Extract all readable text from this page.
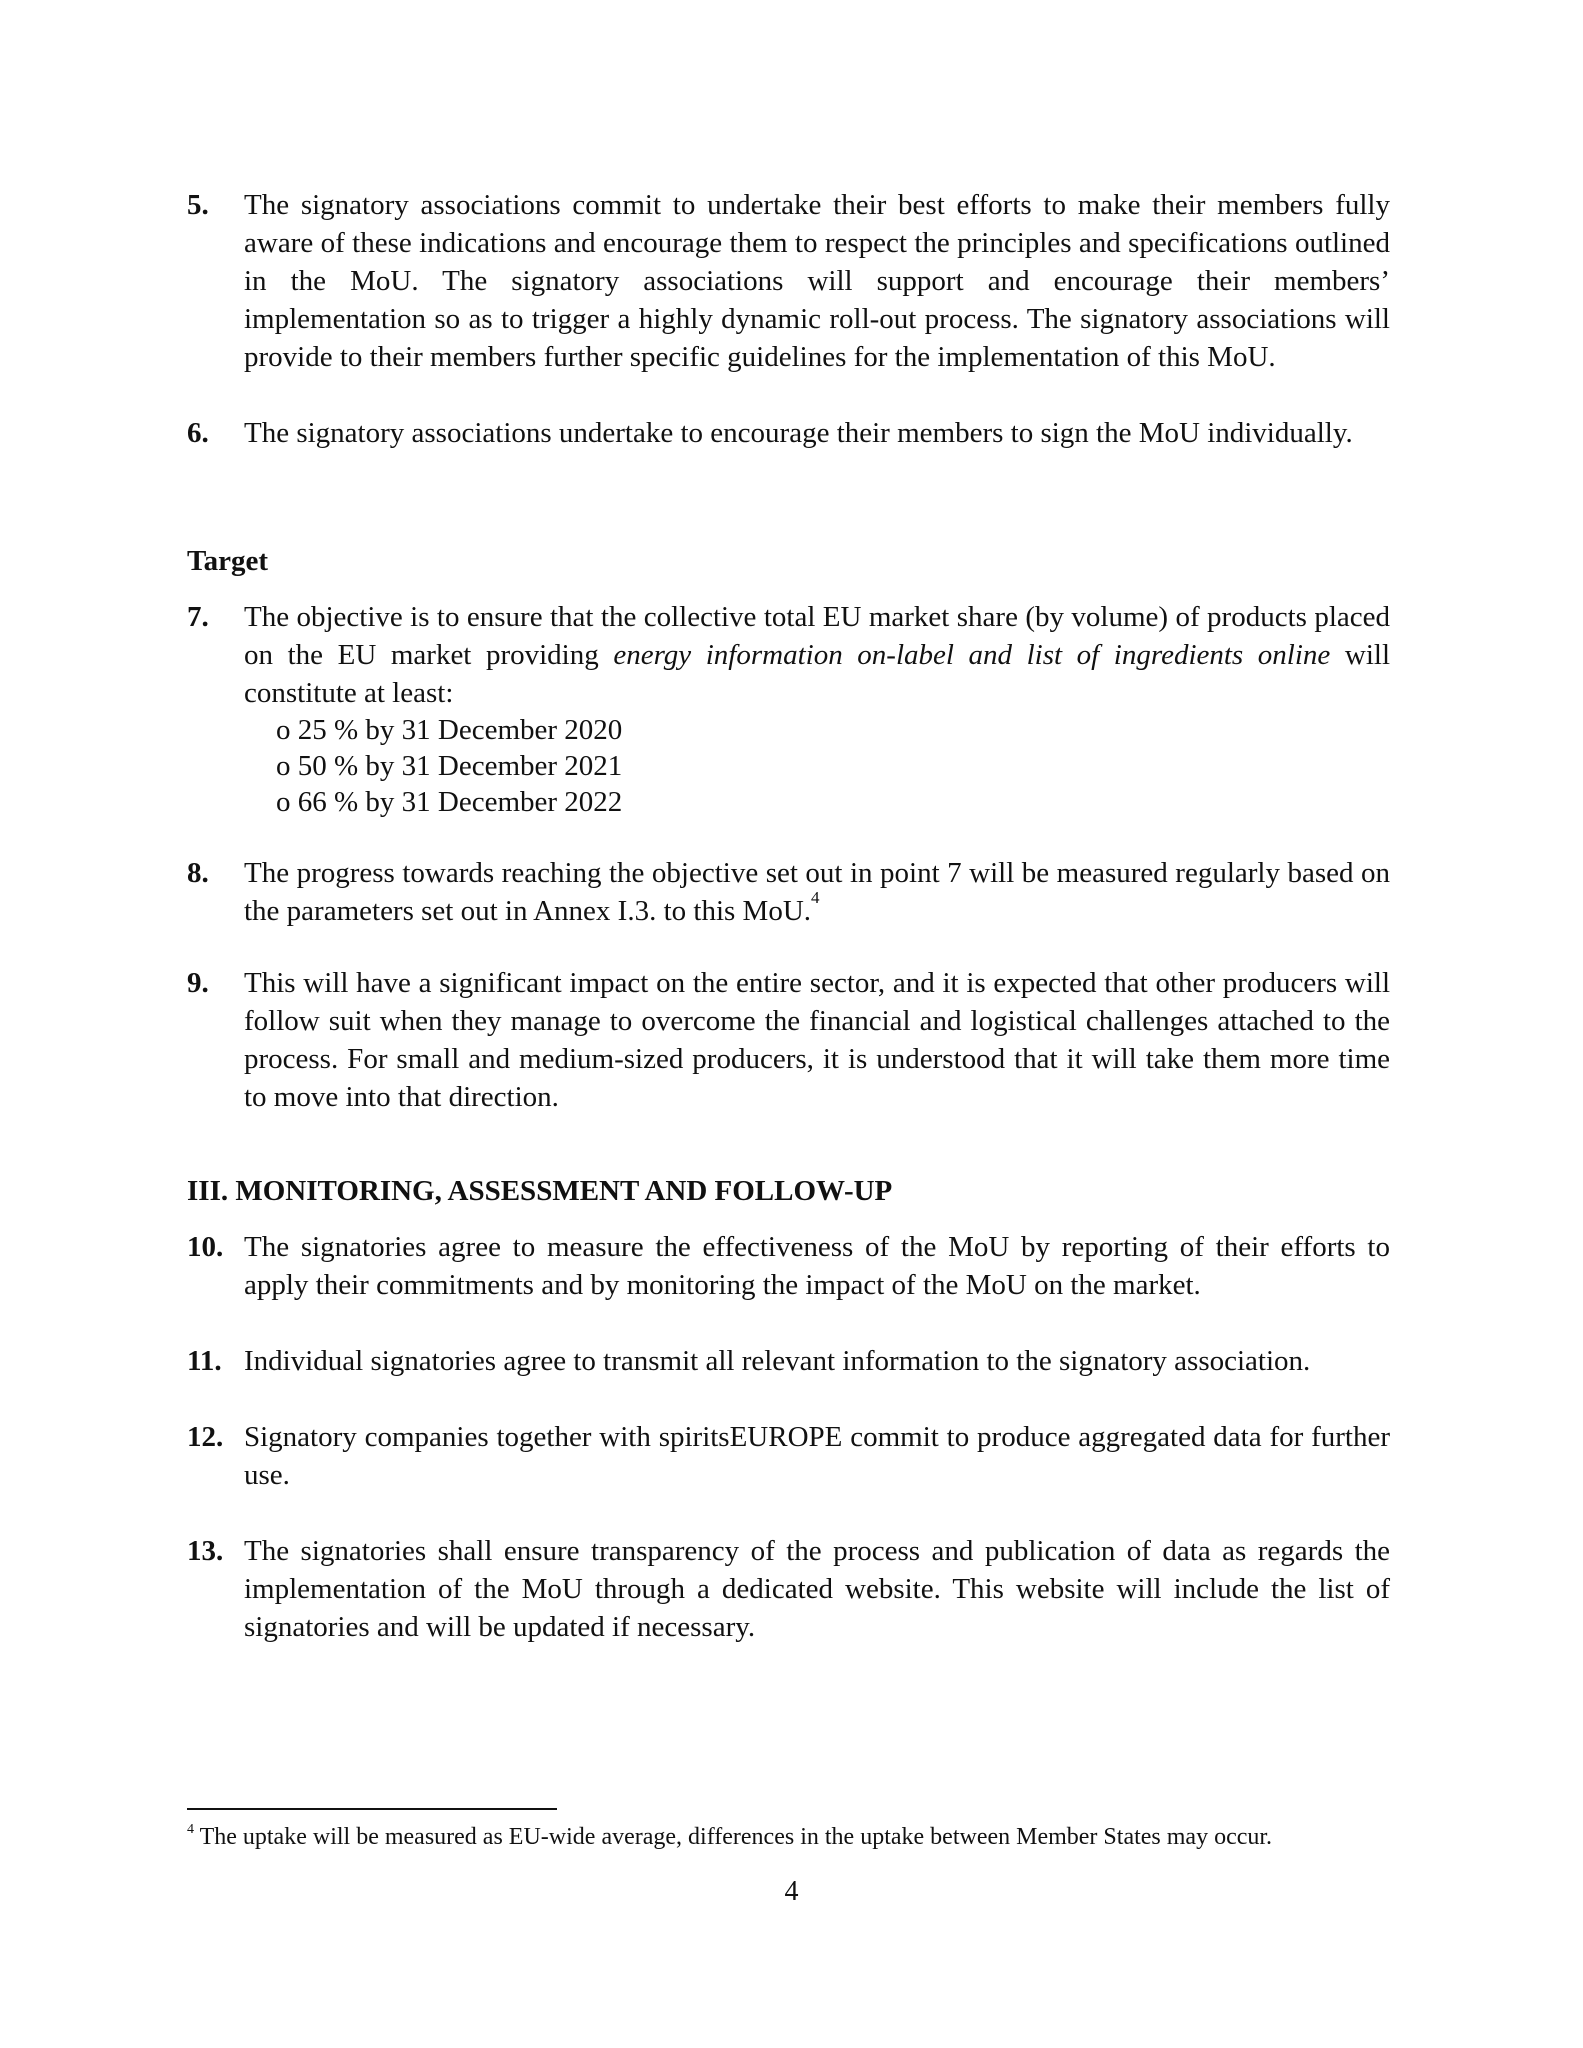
5.	The signatory associations commit to undertake their best efforts to make their members fully aware of these indications and encourage them to respect the principles and specifications outlined in the MoU. The signatory associations will support and encourage their members’ implementation so as to trigger a highly dynamic roll-out process. The signatory associations will provide to their members further specific guidelines for the implementation of this MoU.
6.	The signatory associations undertake to encourage their members to sign the MoU individually.
Target
7.	The objective is to ensure that the collective total EU market share (by volume) of products placed on the EU market providing energy information on-label and list of ingredients online will constitute at least:
o 25 % by 31 December 2020
o 50 % by 31 December 2021
o 66 % by 31 December 2022
8.	The progress towards reaching the objective set out in point 7 will be measured regularly based on the parameters set out in Annex I.3. to this MoU.$^4$
9.	This will have a significant impact on the entire sector, and it is expected that other producers will follow suit when they manage to overcome the financial and logistical challenges attached to the process. For small and medium-sized producers, it is understood that it will take them more time to move into that direction.
III. MONITORING, ASSESSMENT AND FOLLOW-UP
10. The signatories agree to measure the effectiveness of the MoU by reporting of their efforts to apply their commitments and by monitoring the impact of the MoU on the market.
11. Individual signatories agree to transmit all relevant information to the signatory association.
12. Signatory companies together with spiritsEUROPE commit to produce aggregated data for further use.
13. The signatories shall ensure transparency of the process and publication of data as regards the implementation of the MoU through a dedicated website. This website will include the list of signatories and will be updated if necessary.
$^4$ The uptake will be measured as EU-wide average, differences in the uptake between Member States may occur.
4
